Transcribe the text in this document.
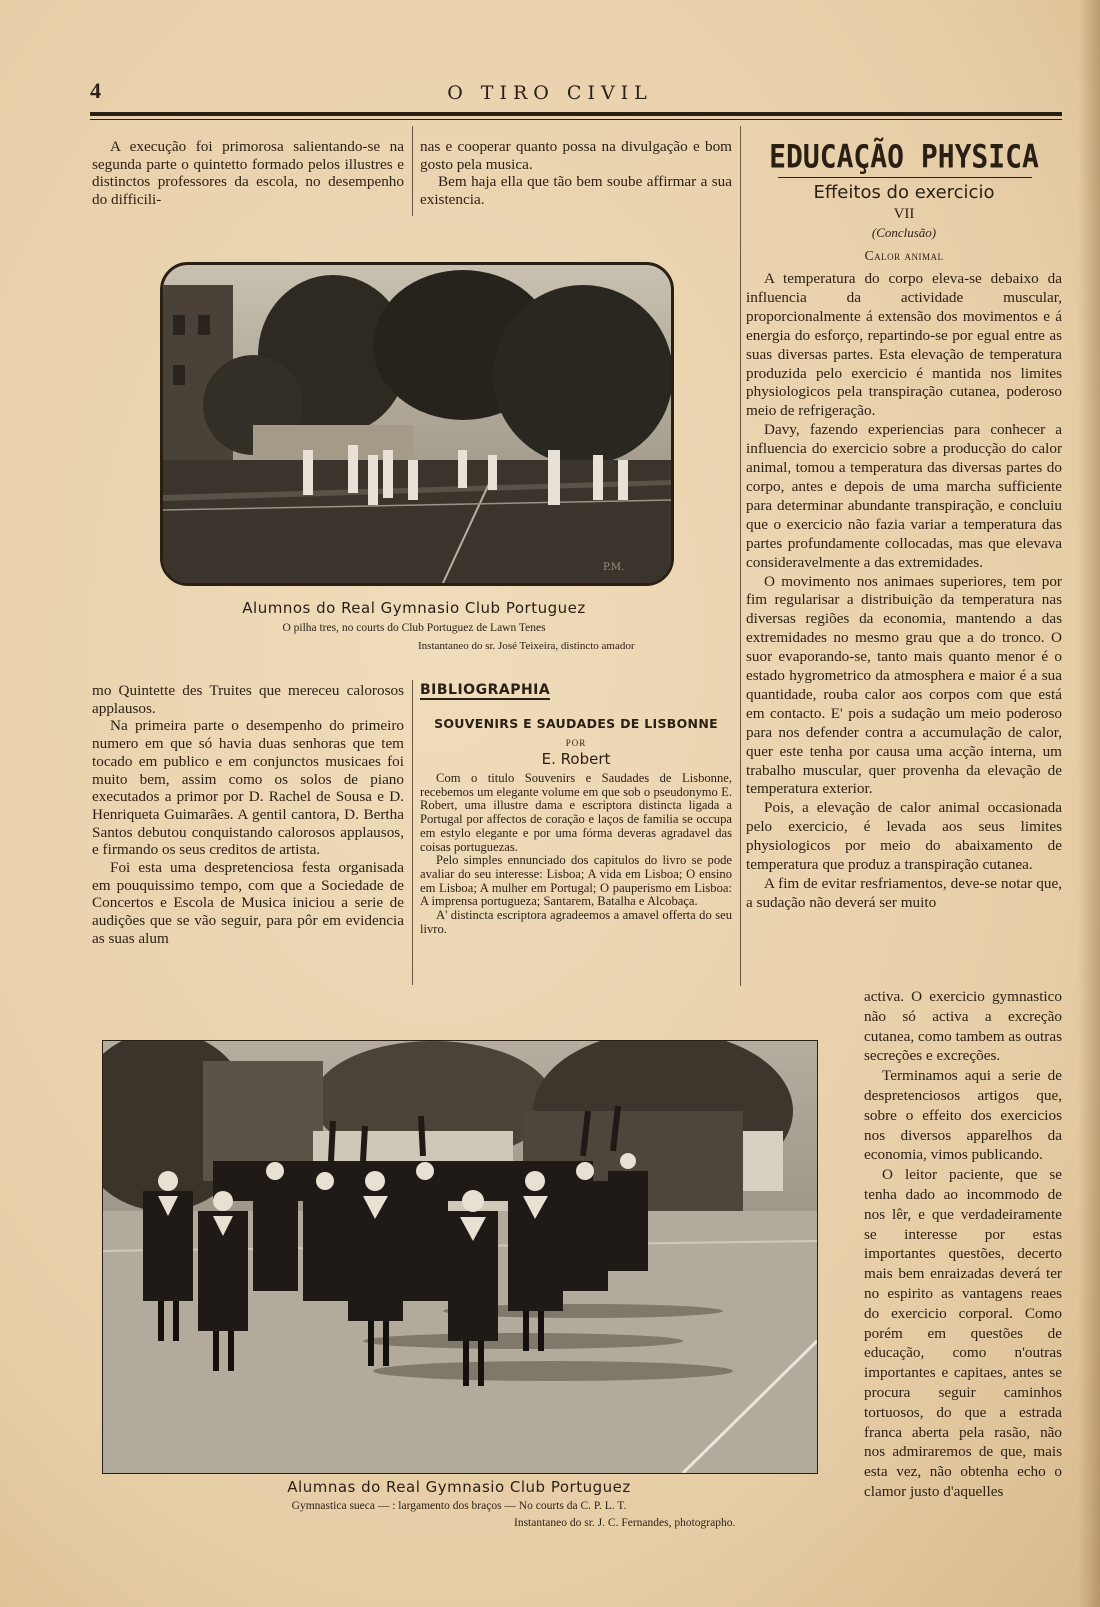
4	O TIRO CIVIL

A execução foi primorosa salientando-se na segunda parte o quintetto formado pelos illustres e distinctos professores da escola, no desempenho do difficili-

nas e cooperar quanto possa na divulgação e bom gosto pela musica.

Bem haja ella que tão bem soube affirmar a sua existencia.

P.M.
Alumnos do Real Gymnasio Club Portuguez
O pilha tres, no courts do Club Portuguez de Lawn Tenes
Instantaneo do sr. José Teixeira, distincto amador

mo Quintette des Truites que mereceu calorosos applausos.

Na primeira parte o desempenho do primeiro numero em que só havia duas senhoras que tem tocado em publico e em conjunctos musicaes foi muito bem, assim como os solos de piano executados a primor por D. Rachel de Sousa e D. Henriqueta Guimarães. A gentil cantora, D. Bertha Santos debutou conquistando calorosos applausos, e firmando os seus creditos de artista.

Foi esta uma despretenciosa festa organisada em pouquissimo tempo, com que a Sociedade de Concertos e Escola de Musica iniciou a serie de audições que se vão seguir, para pôr em evidencia as suas alum

BIBLIOGRAPHIA
SOUVENIRS E SAUDADES DE LISBONNE
POR
E. Robert

Com o titulo Souvenirs e Saudades de Lisbonne, recebemos um elegante volume em que sob o pseudonymo E. Robert, uma illustre dama e escriptora distincta ligada a Portugal por affectos de coração e laços de familia se occupa em estylo elegante e por uma fórma deveras agradavel das coisas portuguezas.

Pelo simples ennunciado dos capitulos do livro se pode avaliar do seu interesse: Lisboa; A vida em Lisboa; O ensino em Lisboa; A mulher em Portugal; O pauperismo em Lisboa: A imprensa portugueza; Santarem, Batalha e Alcobaça.

A' distincta escriptora agradeemos a amavel offerta do seu livro.

EDUCAÇÃO PHYSICA
Effeitos do exercicio
VII
(Conclusão)
Calor animal

A temperatura do corpo eleva-se debaixo da influencia da actividade muscular, proporcionalmente á extensão dos movimentos e á energia do esforço, repartindo-se por egual entre as suas diversas partes. Esta elevação de temperatura produzida pelo exercicio é mantida nos limites physiologicos pela transpiração cutanea, poderoso meio de refrigeração.

Davy, fazendo experiencias para conhecer a influencia do exercicio sobre a producção do calor animal, tomou a temperatura das diversas partes do corpo, antes e depois de uma marcha sufficiente para determinar abundante transpiração, e concluiu que o exercicio não fazia variar a temperatura das partes profundamente collocadas, mas que elevava consideravelmente a das extremidades.

O movimento nos animaes superiores, tem por fim regularisar a distribuição da temperatura nas diversas regiões da economia, mantendo a das extremidades no mesmo grau que a do tronco. O suor evaporando-se, tanto mais quanto menor é o estado hygrometrico da atmosphera e maior é a sua quantidade, rouba calor aos corpos com que está em contacto. E' pois a sudação um meio poderoso para nos defender contra a accumulação de calor, quer este tenha por causa uma acção interna, um trabalho muscular, quer provenha da elevação de temperatura exterior.

Pois, a elevação de calor animal occasionada pelo exercicio, é levada aos seus limites physiologicos por meio do abaixamento de temperatura que produz a transpiração cutanea.

A fim de evitar resfriamentos, deve-se notar que, a sudação não deverá ser muito

activa. O exercicio gymnastico não só activa a excreção cutanea, como tambem as outras secreções e excreções.

Terminamos aqui a serie de despretenciosos artigos que, sobre o effeito dos exercicios nos diversos apparelhos da economia, vimos publicando.

O leitor paciente, que se tenha dado ao incommodo de nos lêr, e que verdadeiramente se interesse por estas importantes questões, decerto mais bem enraizadas deverá ter no espirito as vantagens reaes do exercicio corporal. Como porém em questões de educação, como n'outras importantes e capitaes, antes se procura seguir caminhos tortuosos, do que a estrada franca aberta pela rasão, não nos admiraremos de que, mais esta vez, não obtenha echo o clamor justo d'aquelles

Alumnas do Real Gymnasio Club Portuguez
Gymnastica sueca — : largamento dos braços — No courts da C. P. L. T.
Instantaneo do sr. J. C. Fernandes, photographo.
